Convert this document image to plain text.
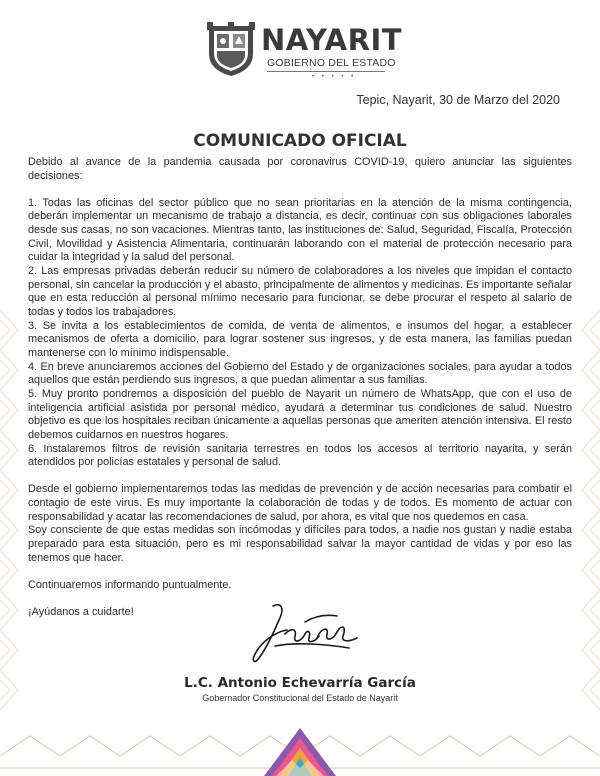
NAYARIT
GOBIERNO DEL ESTADO
• • • • •
Tepic, Nayarit, 30 de Marzo del 2020
COMUNICADO OFICIAL

Debido al avance de la pandemia causada por coronavirus COVID-19, quiero anunciar las siguientes decisiones:

1. Todas las oficinas del sector público que no sean prioritarias en la atención de la misma contingencia, deberán implementar un mecanismo de trabajo a distancia, es decir, continuar con sus obligaciones laborales desde sus casas, no son vacaciones. Mientras tanto, las instituciones de: Salud, Seguridad, Fiscalía, Protección Civil, Movilidad y Asistencia Alimentaria, continuarán laborando con el material de protección necesario para cuidar la integridad y la salud del personal.

2. Las empresas privadas deberán reducir su número de colaboradores a los niveles que impidan el contacto personal, sin cancelar la producción y el abasto, principalmente de alimentos y medicinas. Es importante señalar que en esta reducción al personal mínimo necesario para funcionar, se debe procurar el respeto al salario de todas y todos los trabajadores.

3. Se invita a los establecimientos de comida, de venta de alimentos, e insumos del hogar, a establecer mecanismos de oferta a domicilio, para lograr sostener sus ingresos, y de esta manera, las familias puedan mantenerse con lo mínimo indispensable.

4. En breve anunciaremos acciones del Gobierno del Estado y de organizaciones sociales, para ayudar a todos aquellos que están perdiendo sus ingresos, a que puedan alimentar a sus familias.

5. Muy pronto pondremos a disposición del pueblo de Nayarit un número de WhatsApp, que con el uso de inteligencia artificial asistida por personal médico, ayudará a determinar tus condiciones de salud. Nuestro objetivo es que los hospitales reciban únicamente a aquellas personas que ameriten atención intensiva. El resto debemos cuidarnos en nuestros hogares.

6. Instalaremos filtros de revisión sanitaria terrestres en todos los accesos al territorio nayarita, y serán atendidos por policías estatales y personal de salud.

Desde el gobierno implementaremos todas las medidas de prevención y de acción necesarias para combatir el contagio de este virus. Es muy importante la colaboración de todas y de todos. Es momento de actuar con responsabilidad y acatar las recomendaciones de salud, por ahora, es vital que nos quedemos en casa.

Soy consciente de que estas medidas son incómodas y difíciles para todos, a nadie nos gustan y nadie estaba preparado para esta situación, pero es mi responsabilidad salvar la mayor cantidad de vidas y por eso las tenemos que hacer.

Continuaremos informando puntualmente.

¡Ayúdanos a cuidarte!

L.C. Antonio Echevarría García
Gobernador Constitucional del Estado de Nayarit
